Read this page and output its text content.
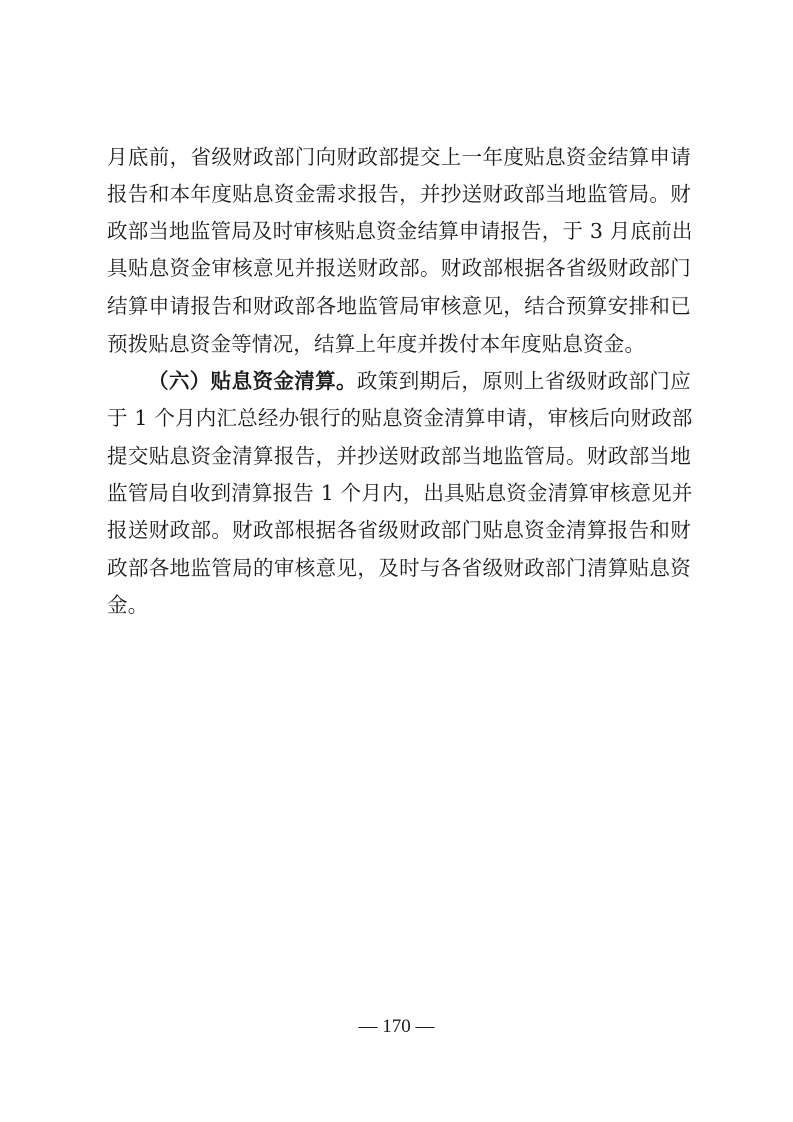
月底前，省级财政部门向财政部提交上一年度贴息资金结算申请
报告和本年度贴息资金需求报告，并抄送财政部当地监管局。财
政部当地监管局及时审核贴息资金结算申请报告，于 3 月底前出
具贴息资金审核意见并报送财政部。财政部根据各省级财政部门
结算申请报告和财政部各地监管局审核意见，结合预算安排和已
预拨贴息资金等情况，结算上年度并拨付本年度贴息资金。
（六）贴息资金清算。政策到期后，原则上省级财政部门应
于 1 个月内汇总经办银行的贴息资金清算申请，审核后向财政部
提交贴息资金清算报告，并抄送财政部当地监管局。财政部当地
监管局自收到清算报告 1 个月内，出具贴息资金清算审核意见并
报送财政部。财政部根据各省级财政部门贴息资金清算报告和财
政部各地监管局的审核意见，及时与各省级财政部门清算贴息资
金。
— 170 —
